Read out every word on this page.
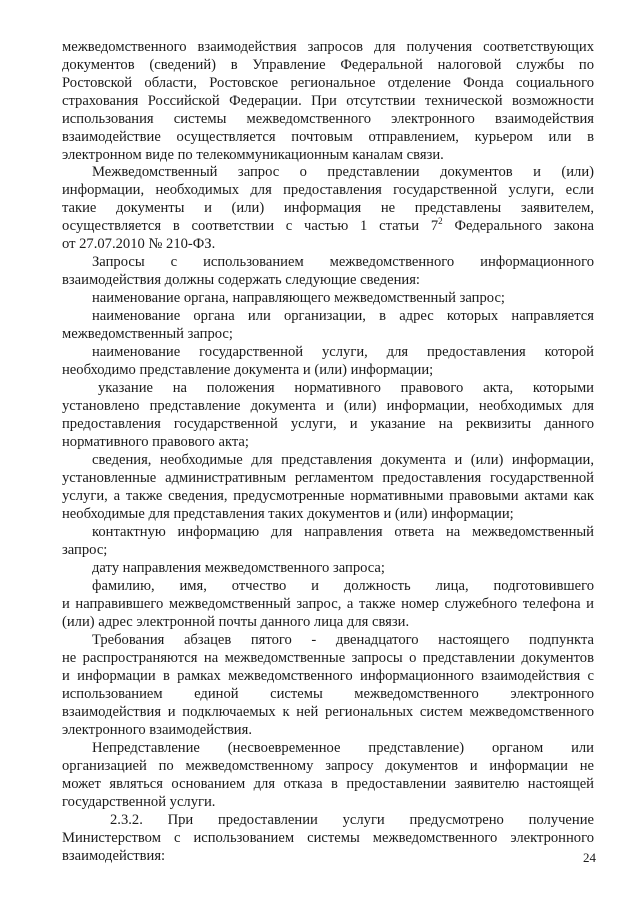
межведомственного взаимодействия запросов для получения соответствующих
документов (сведений) в Управление Федеральной налоговой службы по
Ростовской области, Ростовское региональное отделение Фонда социального
страхования Российской Федерации. При отсутствии технической возможности
использования системы межведомственного электронного взаимодействия
взаимодействие осуществляется почтовым отправлением, курьером или в
электронном виде по телекоммуникационным каналам связи.
Межведомственный запрос о представлении документов и (или)
информации, необходимых для предоставления государственной услуги, если
такие документы и (или) информация не представлены заявителем,
осуществляется в соответствии с частью 1 статьи $7^2$ Федерального закона
от 27.07.2010 № 210-ФЗ.
Запросы с использованием межведомственного информационного
взаимодействия должны содержать следующие сведения:
наименование органа, направляющего межведомственный запрос;
наименование органа или организации, в адрес которых направляется
межведомственный запрос;
наименование государственной услуги, для предоставления которой
необходимо представление документа и (или) информации;
указание на положения нормативного правового акта, которыми
установлено представление документа и (или) информации, необходимых для
предоставления государственной услуги, и указание на реквизиты данного
нормативного правового акта;
сведения, необходимые для представления документа и (или) информации,
установленные административным регламентом предоставления государственной
услуги, а также сведения, предусмотренные нормативными правовыми актами как
необходимые для представления таких документов и (или) информации;
контактную информацию для направления ответа на межведомственный
запрос;
дату направления межведомственного запроса;
фамилию, имя, отчество и должность лица, подготовившего
и направившего межведомственный запрос, а также номер служебного телефона и
(или) адрес электронной почты данного лица для связи.
Требования абзацев пятого - двенадцатого настоящего подпункта
не распространяются на межведомственные запросы о представлении документов
и информации в рамках межведомственного информационного взаимодействия с
использованием единой системы межведомственного электронного
взаимодействия и подключаемых к ней региональных систем межведомственного
электронного взаимодействия.
Непредставление (несвоевременное представление) органом или
организацией по межведомственному запросу документов и информации не
может являться основанием для отказа в предоставлении заявителю настоящей
государственной услуги.
2.3.2. При предоставлении услуги предусмотрено получение
Министерством с использованием системы межведомственного электронного
взаимодействия:	24
